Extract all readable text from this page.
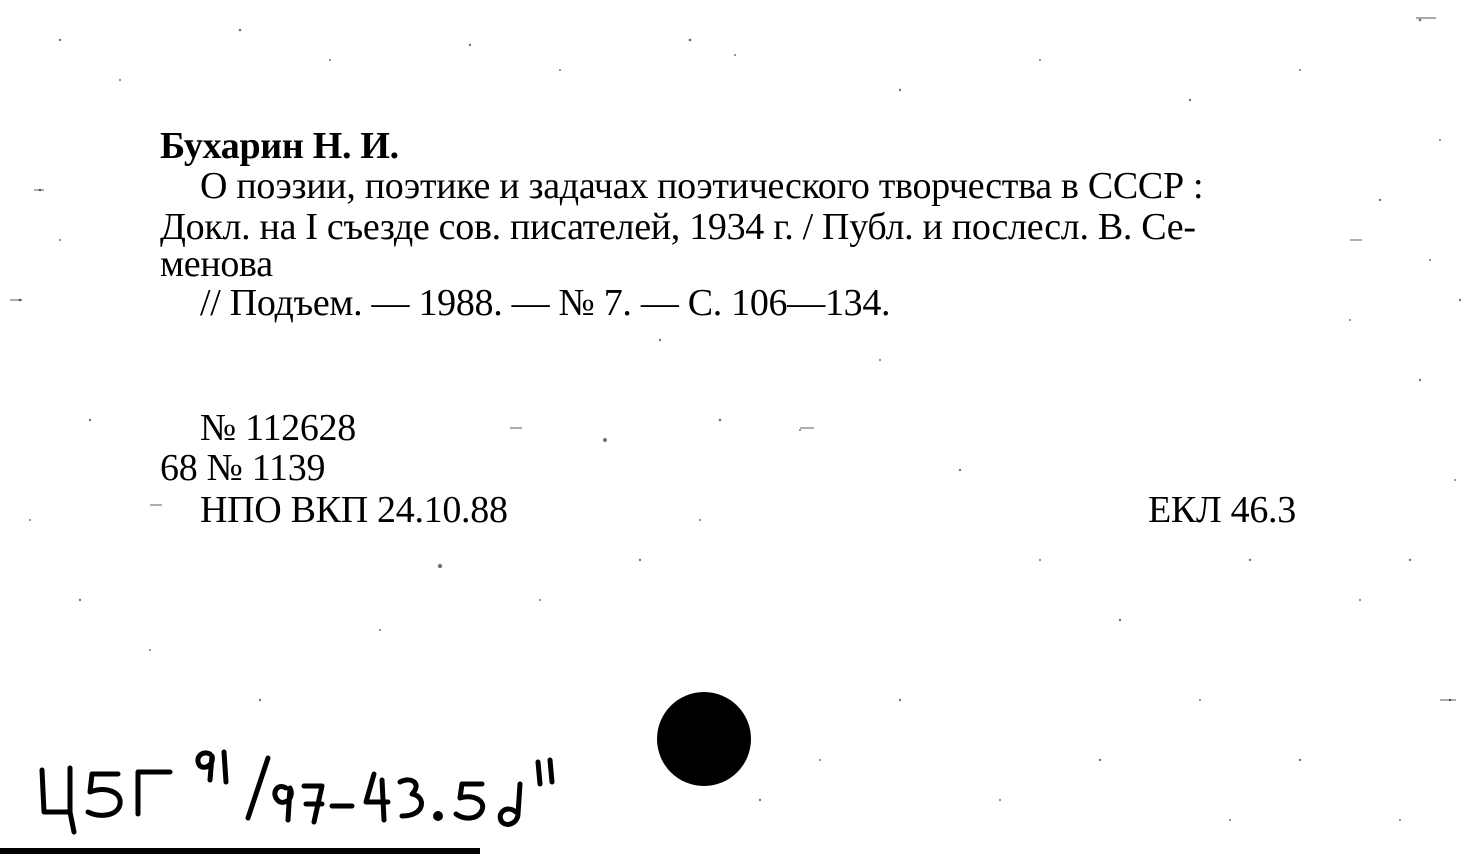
Бухарин Н. И.
О поэзии, поэтике и задачах поэтического творчества в СССР :
Докл. на I съезде сов. писателей, 1934 г. / Публ. и послесл. В. Се-
менова
// Подъем. — 1988. — № 7. — С. 106—134.
№ 112628
68 № 1139
НПО ВКП 24.10.88	ЕКЛ 46.3
